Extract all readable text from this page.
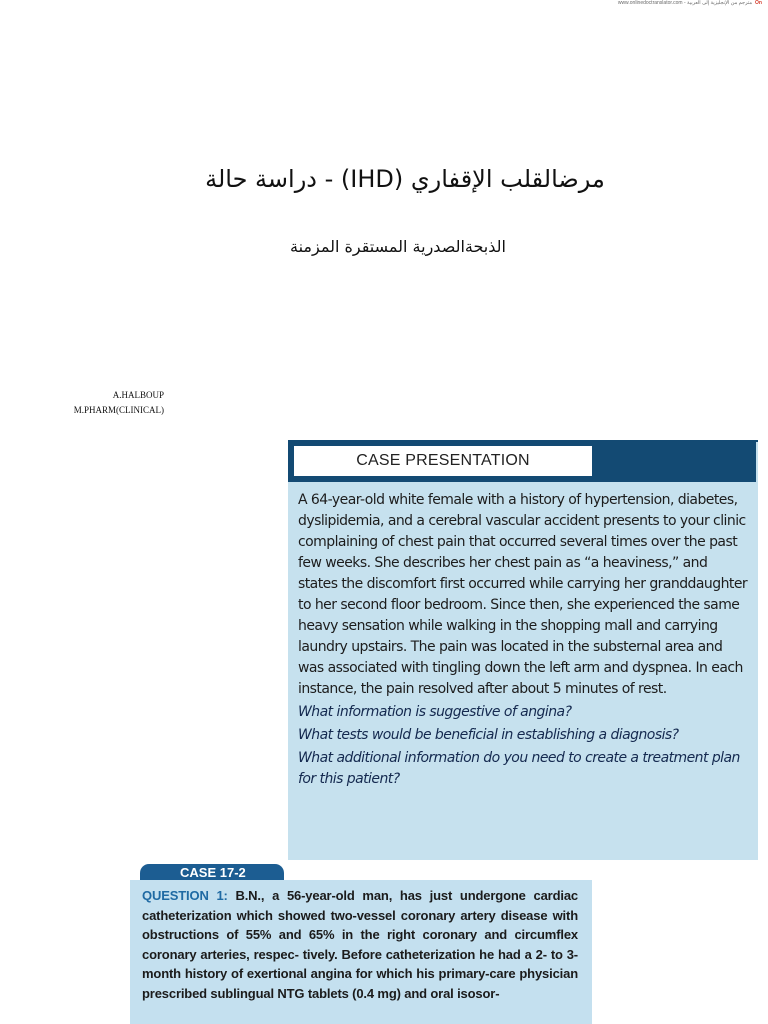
www.onlinedoctranslator.com - مترجم من الإنجليزية إلى العربية On
مرضالقلب الإقفاري (IHD) - دراسة حالة
الذبحةالصدرية المستقرة المزمنة
A.HALBOUP
M.PHARM(CLINICAL)
CASE PRESENTATION

A 64-year-old white female with a history of hypertension, diabetes, dyslipidemia, and a cerebral vascular accident presents to your clinic complaining of chest pain that occurred several times over the past few weeks. She describes her chest pain as “a heaviness,” and states the discomfort first occurred while carrying her granddaughter to her second floor bedroom. Since then, she experienced the same heavy sensation while walking in the shopping mall and carrying laundry upstairs. The pain was located in the substernal area and was associated with tingling down the left arm and dyspnea. In each instance, the pain resolved after about 5 minutes of rest.

What information is suggestive of angina?

What tests would be beneficial in establishing a diagnosis?

What additional information do you need to create a treatment plan for this patient?

CASE 17-2
QUESTION 1: B.N., a 56-year-old man, has just undergone cardiac catheterization which showed two-vessel coronary artery disease with obstructions of 55% and 65% in the right coronary and circumflex coronary arteries, respec- tively. Before catheterization he had a 2- to 3-month history of exertional angina for which his primary-care physician prescribed sublingual NTG tablets (0.4 mg) and oral isosor-
